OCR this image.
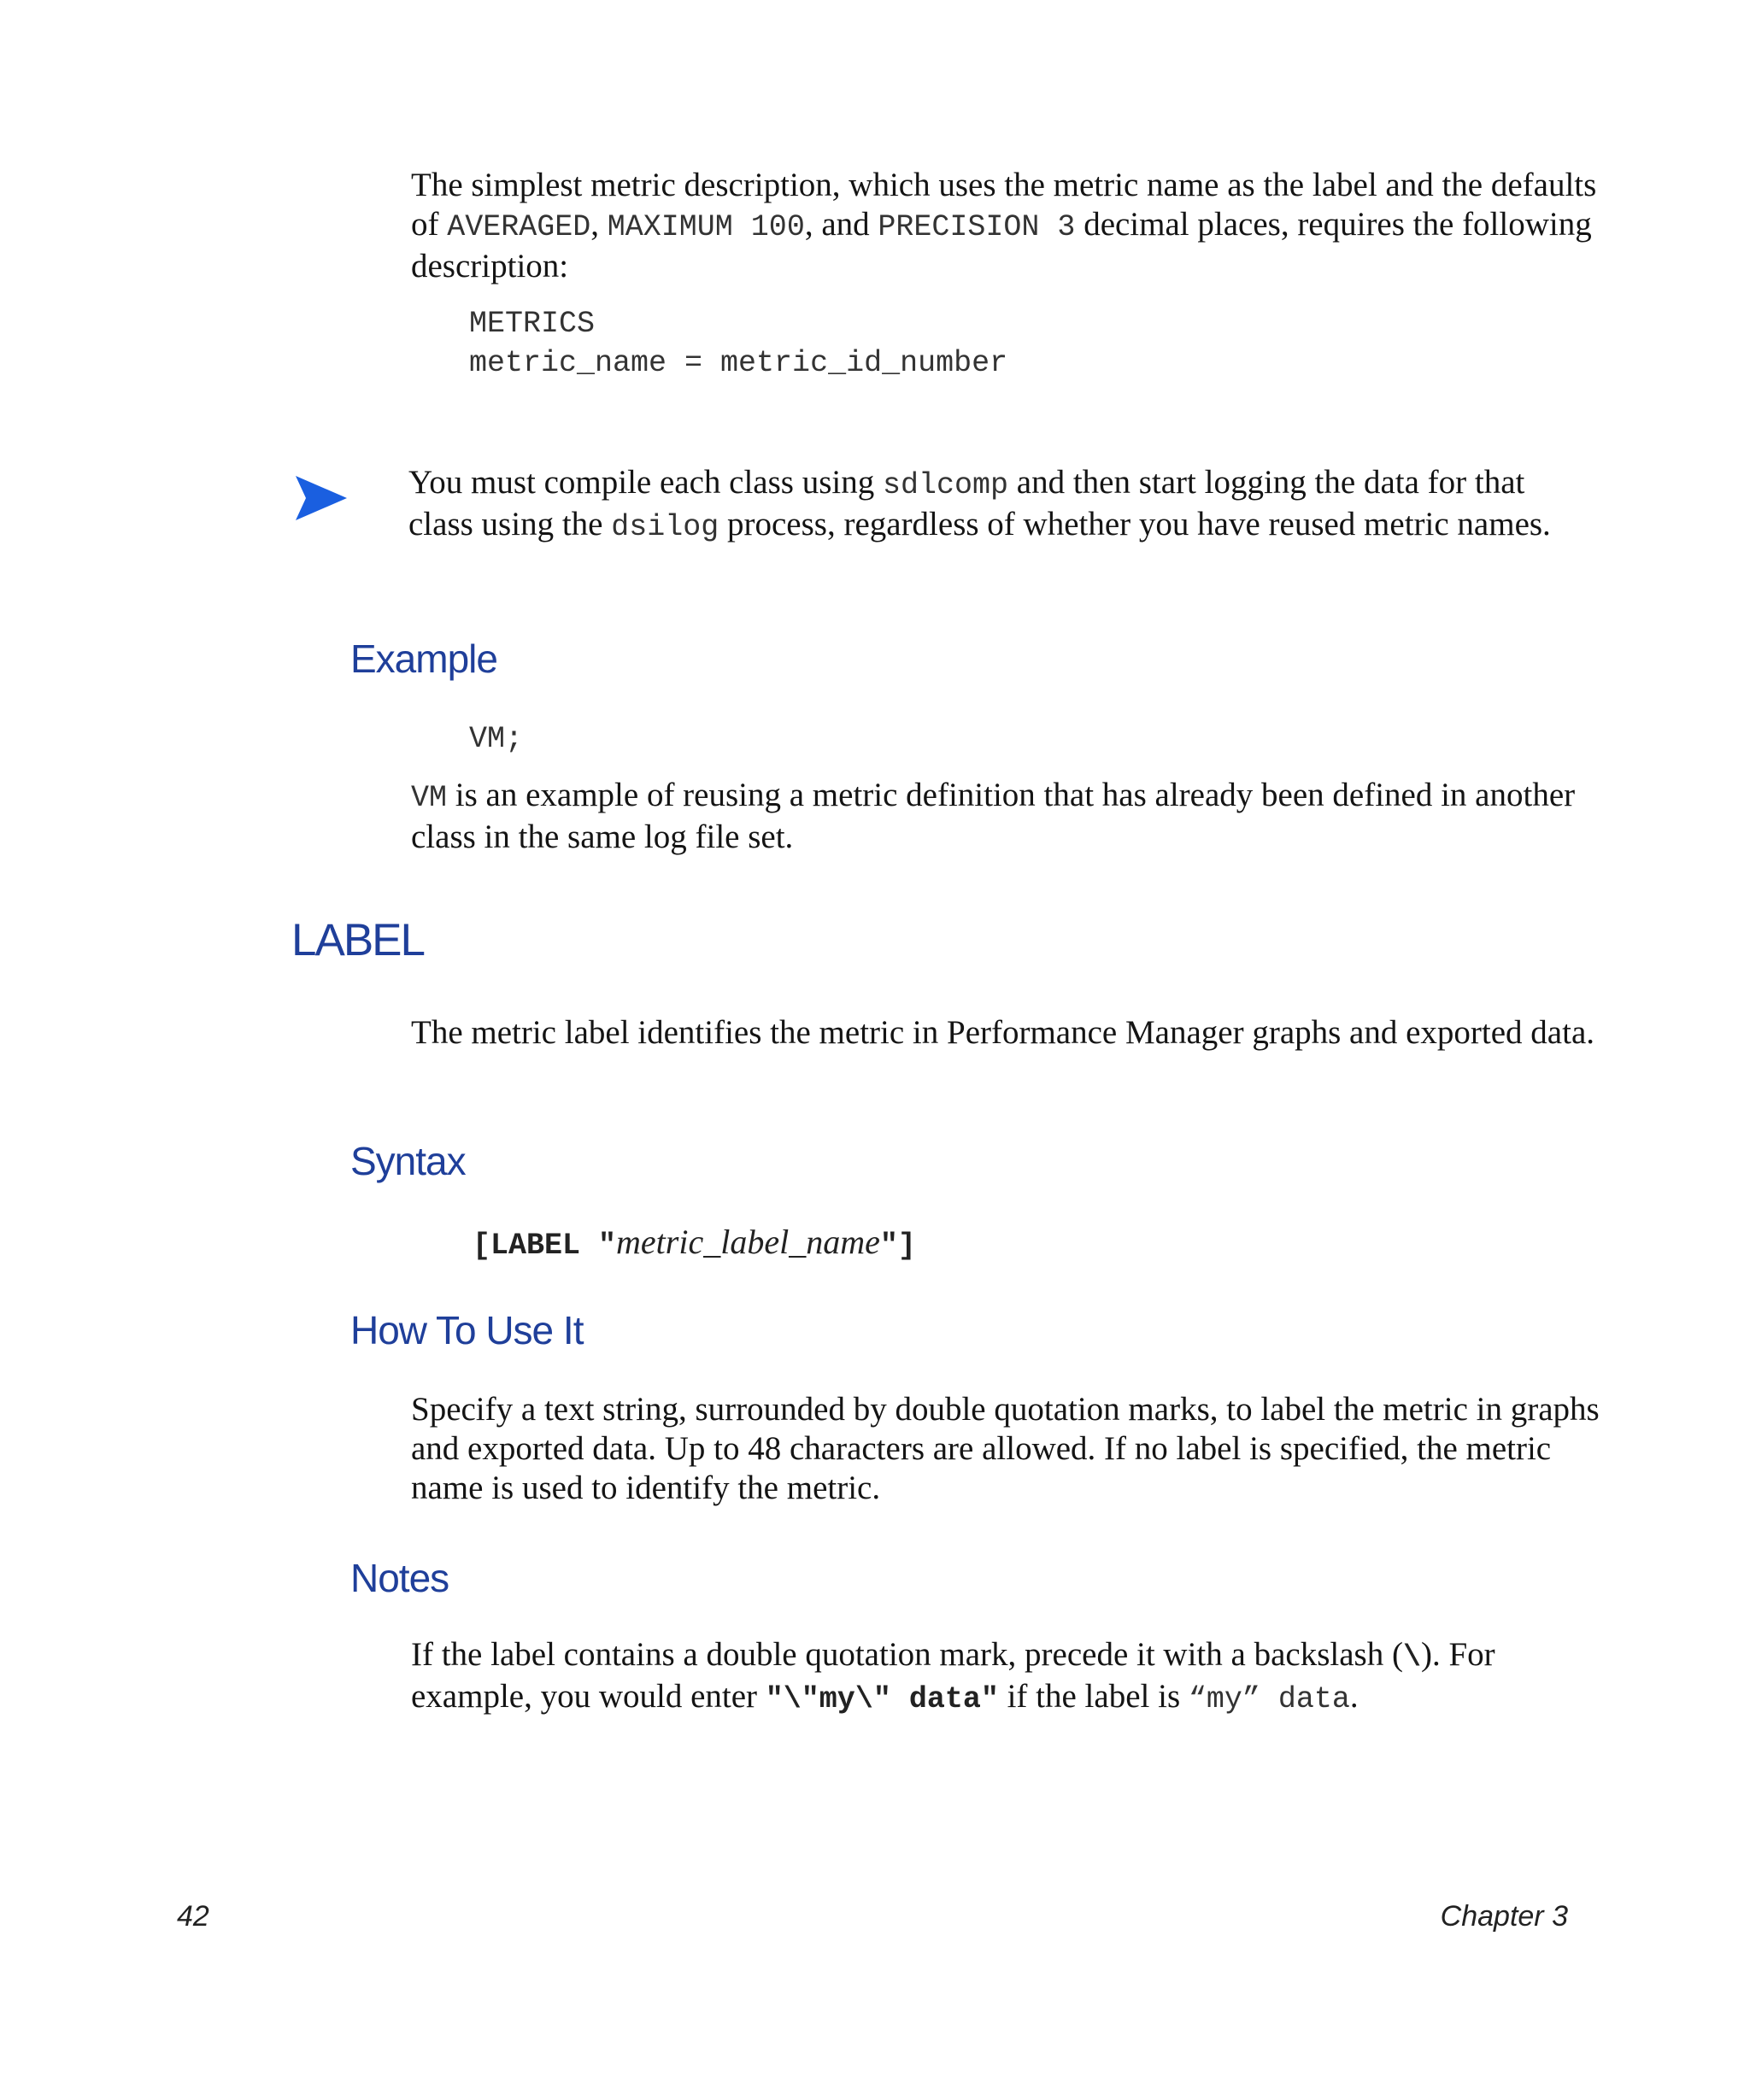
The simplest metric description, which uses the metric name as the label and the defaults of AVERAGED, MAXIMUM 100, and PRECISION 3 decimal places, requires the following description:

METRICS
metric_name = metric_id_number

You must compile each class using sdlcomp and then start logging the data for that class using the dsilog process, regardless of whether you have reused metric names.

Example
VM;

VM is an example of reusing a metric definition that has already been defined in another class in the same log file set.

LABEL

The metric label identifies the metric in Performance Manager graphs and exported data.

Syntax
[LABEL "metric_label_name"]
How To Use It

Specify a text string, surrounded by double quotation marks, to label the metric in graphs and exported data. Up to 48 characters are allowed. If no label is specified, the metric name is used to identify the metric.

Notes

If the label contains a double quotation mark, precede it with a backslash (\). For example, you would enter "\"my\" data" if the label is “my” data.

42	Chapter 3
